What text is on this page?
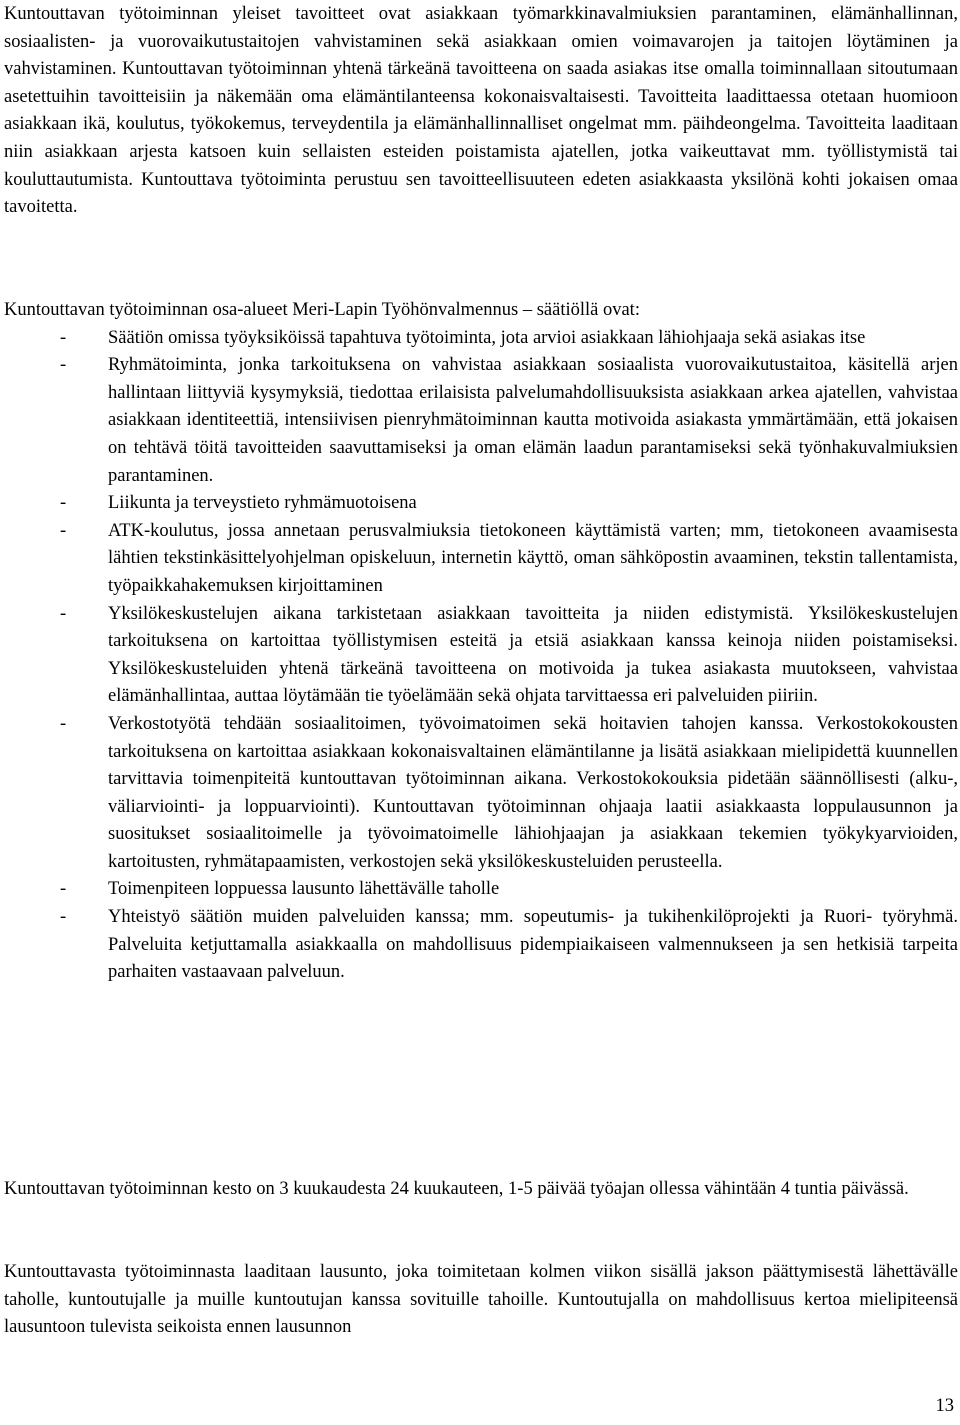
Kuntouttavan työtoiminnan yleiset tavoitteet ovat asiakkaan työmarkkinavalmiuksien parantaminen, elämänhallinnan, sosiaalisten- ja vuorovaikutustaitojen vahvistaminen sekä asiakkaan omien voimavarojen ja taitojen löytäminen ja vahvistaminen. Kuntouttavan työtoiminnan yhtenä tärkeänä tavoitteena on saada asiakas itse omalla toiminnallaan sitoutumaan asetettuihin tavoitteisiin ja näkemään oma elämäntilanteensa kokonaisvaltaisesti. Tavoitteita laadittaessa otetaan huomioon asiakkaan ikä, koulutus, työkokemus, terveydentila ja elämänhallinnalliset ongelmat mm. päihdeongelma. Tavoitteita laaditaan niin asiakkaan arjesta katsoen kuin sellaisten esteiden poistamista ajatellen, jotka vaikeuttavat mm. työllistymistä tai kouluttautumista. Kuntouttava työtoiminta perustuu sen tavoitteellisuuteen edeten asiakkaasta yksilönä kohti jokaisen omaa tavoitetta.

Kuntouttavan työtoiminnan osa-alueet Meri-Lapin Työhönvalmennus – säätiöllä ovat:

- Säätiön omissa työyksiköissä tapahtuva työtoiminta, jota arvioi asiakkaan lähiohjaaja sekä asiakas itse
- Ryhmätoiminta, jonka tarkoituksena on vahvistaa asiakkaan sosiaalista vuorovaikutustaitoa, käsitellä arjen hallintaan liittyviä kysymyksiä, tiedottaa erilaisista palvelumahdollisuuksista asiakkaan arkea ajatellen, vahvistaa asiakkaan identiteettiä, intensiivisen pienryhmätoiminnan kautta motivoida asiakasta ymmärtämään, että jokaisen on tehtävä töitä tavoitteiden saavuttamiseksi ja oman elämän laadun parantamiseksi sekä työnhakuvalmiuksien parantaminen.
- Liikunta ja terveystieto ryhmämuotoisena
- ATK-koulutus, jossa annetaan perusvalmiuksia tietokoneen käyttämistä varten; mm, tietokoneen avaamisesta lähtien tekstinkäsittelyohjelman opiskeluun, internetin käyttö, oman sähköpostin avaaminen, tekstin tallentamista, työpaikkahakemuksen kirjoittaminen
- Yksilökeskustelujen aikana tarkistetaan asiakkaan tavoitteita ja niiden edistymistä. Yksilökeskustelujen tarkoituksena on kartoittaa työllistymisen esteitä ja etsiä asiakkaan kanssa keinoja niiden poistamiseksi. Yksilökeskusteluiden yhtenä tärkeänä tavoitteena on motivoida ja tukea asiakasta muutokseen, vahvistaa elämänhallintaa, auttaa löytämään tie työelämään sekä ohjata tarvittaessa eri palveluiden piiriin.
- Verkostotyötä tehdään sosiaalitoimen, työvoimatoimen sekä hoitavien tahojen kanssa. Verkostokokousten tarkoituksena on kartoittaa asiakkaan kokonaisvaltainen elämäntilanne ja lisätä asiakkaan mielipidettä kuunnellen tarvittavia toimenpiteitä kuntouttavan työtoiminnan aikana. Verkostokokouksia pidetään säännöllisesti (alku-, väliarviointi- ja loppuarviointi). Kuntouttavan työtoiminnan ohjaaja laatii asiakkaasta loppulausunnon ja suositukset sosiaalitoimelle ja työvoimatoimelle lähiohjaajan ja asiakkaan tekemien työkykyarvioiden, kartoitusten, ryhmätapaamisten, verkostojen sekä yksilökeskusteluiden perusteella.
- Toimenpiteen loppuessa lausunto lähettävälle taholle
- Yhteistyö säätiön muiden palveluiden kanssa; mm. sopeutumis- ja tukihenkilöprojekti ja Ruori- työryhmä. Palveluita ketjuttamalla asiakkaalla on mahdollisuus pidempiaikaiseen valmennukseen ja sen hetkisiä tarpeita parhaiten vastaavaan palveluun.

Kuntouttavan työtoiminnan kesto on 3 kuukaudesta 24 kuukauteen, 1-5 päivää työajan ollessa vähintään 4 tuntia päivässä.

Kuntouttavasta työtoiminnasta laaditaan lausunto, joka toimitetaan kolmen viikon sisällä jakson päättymisestä lähettävälle taholle, kuntoutujalle ja muille kuntoutujan kanssa sovituille tahoille. Kuntoutujalla on mahdollisuus kertoa mielipiteensä lausuntoon tulevista seikoista ennen lausunnon

13
